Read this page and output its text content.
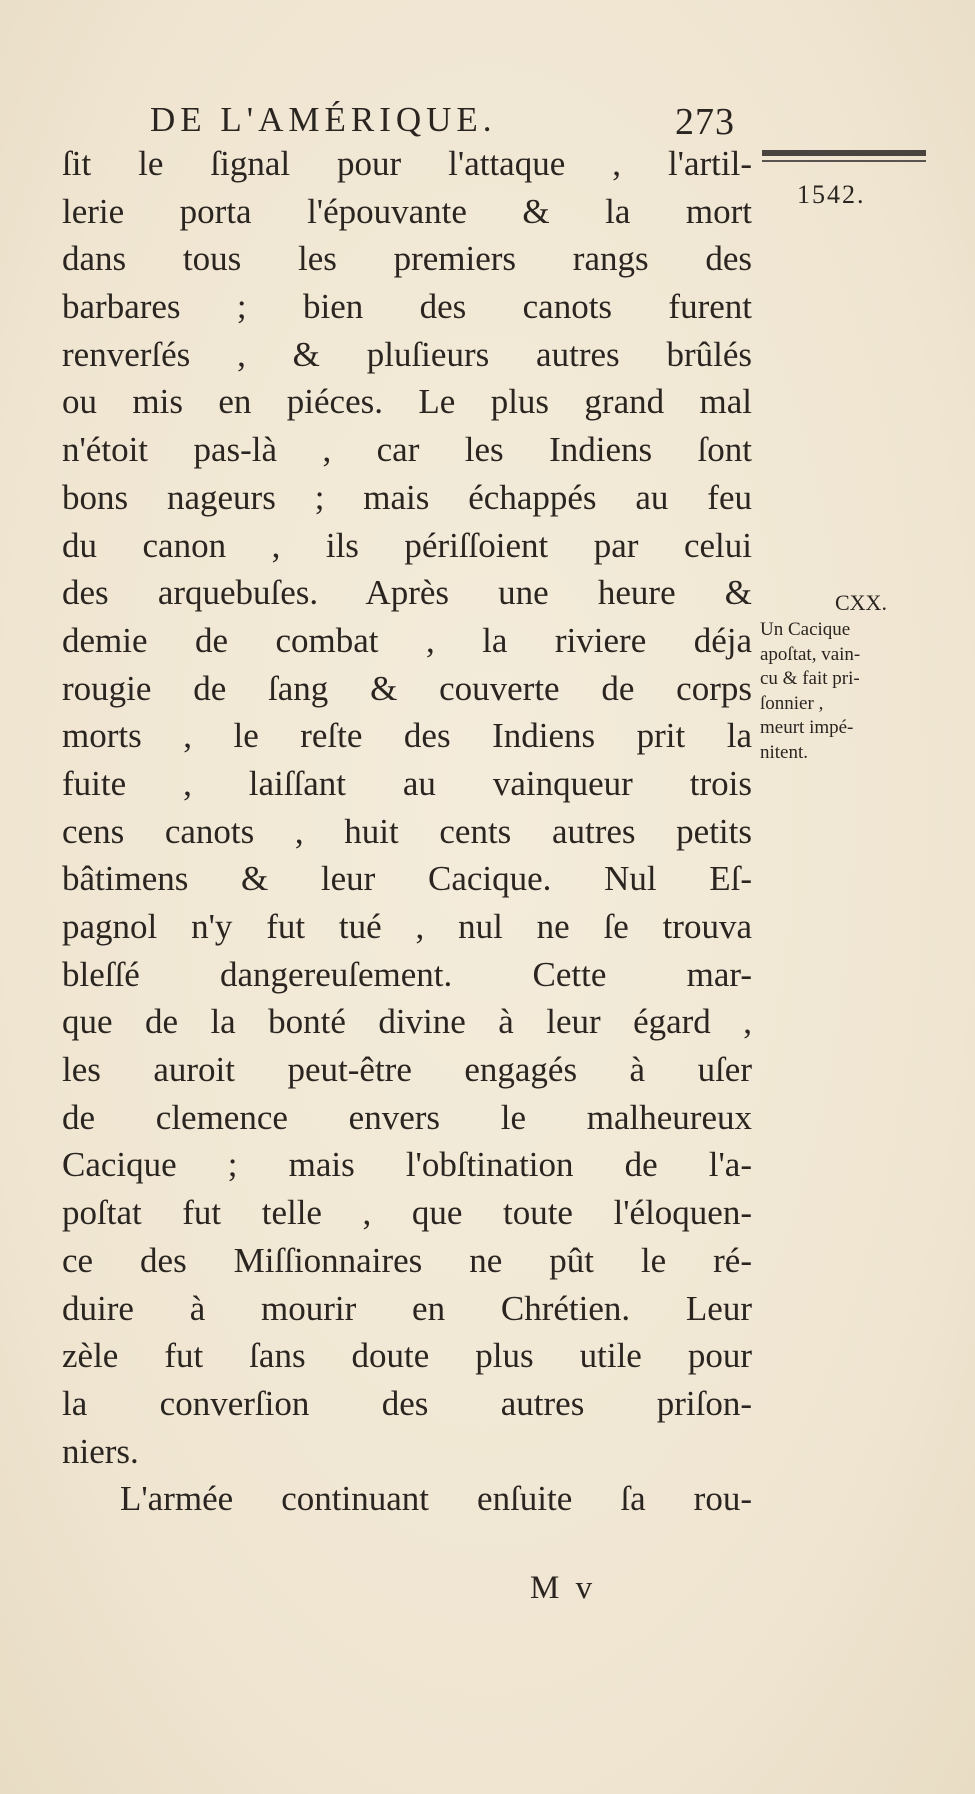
DE L'AMÉRIQUE.	273
1542.
CXX.
Un Cacique
apoſtat, vain-
cu & fait pri-
ſonnier ,
meurt impé-
nitent.
ſit le ſignal pour l'attaque , l'artil-
lerie porta l'épouvante & la mort
dans tous les premiers rangs des
barbares ; bien des canots furent
renverſés , & pluſieurs autres brûlés
ou mis en piéces. Le plus grand mal
n'étoit pas-là , car les Indiens ſont
bons nageurs ; mais échappés au feu
du canon , ils périſſoient par celui
des arquebuſes. Après une heure &
demie de combat , la riviere déja
rougie de ſang & couverte de corps
morts , le reſte des Indiens prit la
fuite , laiſſant au vainqueur trois
cens canots , huit cents autres petits
bâtimens & leur Cacique. Nul Eſ-
pagnol n'y fut tué , nul ne ſe trouva
bleſſé dangereuſement. Cette mar-
que de la bonté divine à leur égard ,
les auroit peut-être engagés à uſer
de clemence envers le malheureux
Cacique ; mais l'obſtination de l'a-
poſtat fut telle , que toute l'éloquen-
ce des Miſſionnaires ne pût le ré-
duire à mourir en Chrétien. Leur
zèle fut ſans doute plus utile pour
la converſion des autres priſon-
niers.
L'armée continuant enſuite ſa rou-
M v
